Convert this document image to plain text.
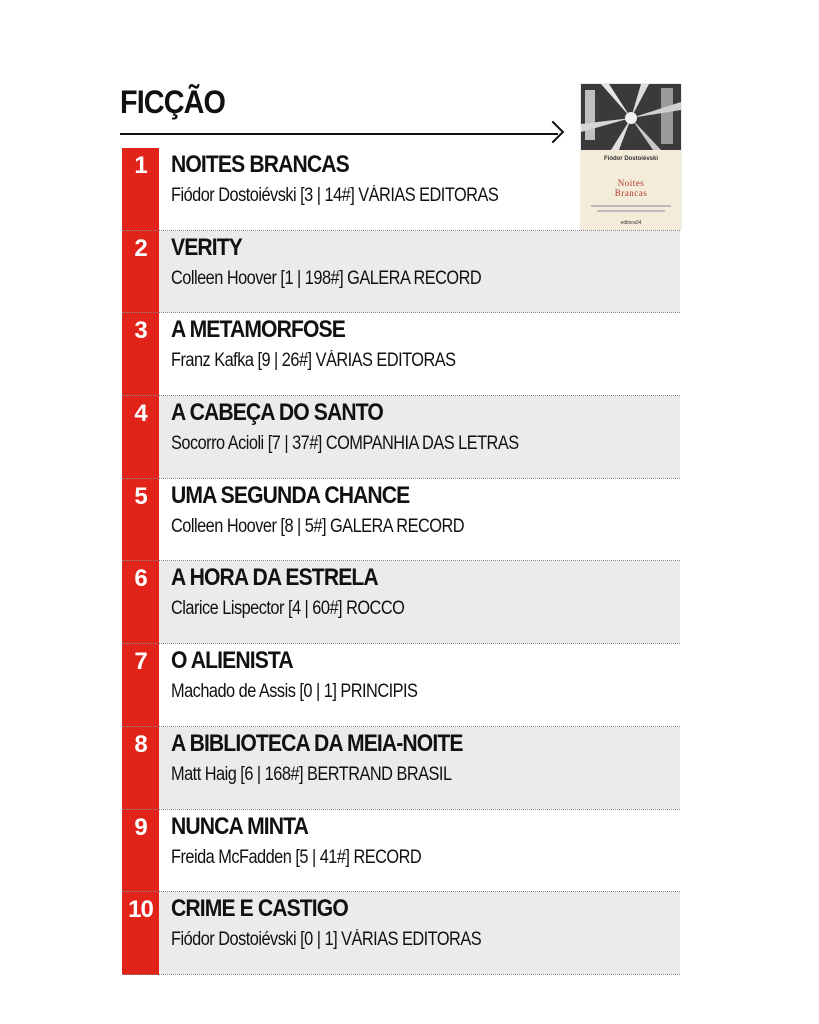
FICÇÃO
Fiódor Dostoiévski
Noites
Brancas
editora34
1	NOITES BRANCAS
Fiódor Dostoiévski [3 | 14#] VÁRIAS EDITORAS
2	VERITY
Colleen Hoover [1 | 198#] GALERA RECORD
3	A METAMORFOSE
Franz Kafka [9 | 26#] VÁRIAS EDITORAS
4	A CABEÇA DO SANTO
Socorro Acioli [7 | 37#] COMPANHIA DAS LETRAS
5	UMA SEGUNDA CHANCE
Colleen Hoover [8 | 5#] GALERA RECORD
6	A HORA DA ESTRELA
Clarice Lispector [4 | 60#] ROCCO
7	O ALIENISTA
Machado de Assis [0 | 1] PRINCIPIS
8	A BIBLIOTECA DA MEIA-NOITE
Matt Haig [6 | 168#] BERTRAND BRASIL
9	NUNCA MINTA
Freida McFadden [5 | 41#] RECORD
10 CRIME E CASTIGO
Fiódor Dostoiévski [0 | 1] VÁRIAS EDITORAS
